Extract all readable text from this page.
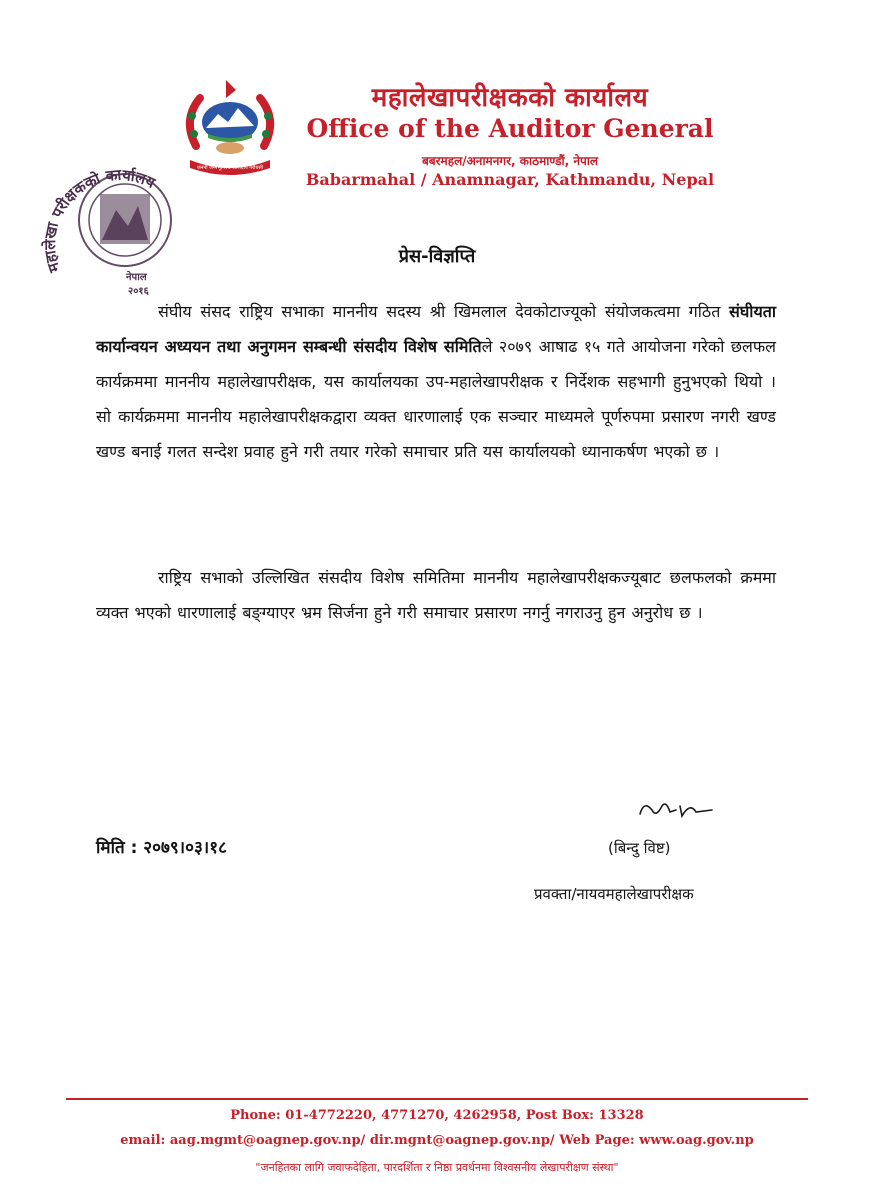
जननी जन्मभूमिश्च स्वर्गादपि गरीयसी
महालेखा परीक्षकको कार्यालय
नेपाल
२०१६
महालेखापरीक्षकको कार्यालय
Office of the Auditor General
बबरमहल/अनामनगर, काठमाण्डौं, नेपाल
Babarmahal / Anamnagar, Kathmandu, Nepal
प्रेस-विज्ञप्ति

संघीय संसद राष्ट्रिय सभाका माननीय सदस्य श्री खिमलाल देवकोटाज्यूको संयोजकत्वमा गठित संघीयता कार्यान्वयन अध्ययन तथा अनुगमन सम्बन्धी संसदीय विशेष समितिले २०७९ आषाढ १५ गते आयोजना गरेको छलफल कार्यक्रममा माननीय महालेखापरीक्षक, यस कार्यालयका उप-महालेखापरीक्षक र निर्देशक सहभागी हुनुभएको थियो । सो कार्यक्रममा माननीय महालेखापरीक्षकद्वारा व्यक्त धारणालाई एक सञ्चार माध्यमले पूर्णरुपमा प्रसारण नगरी खण्ड खण्ड बनाई गलत सन्देश प्रवाह हुने गरी तयार गरेको समाचार प्रति यस कार्यालयको ध्यानाकर्षण भएको छ ।

राष्ट्रिय सभाको उल्लिखित संसदीय विशेष समितिमा माननीय महालेखापरीक्षकज्यूबाट छलफलको क्रममा व्यक्त भएको धारणालाई बङ्ग्याएर भ्रम सिर्जना हुने गरी समाचार प्रसारण नगर्नु नगराउनु हुन अनुरोध छ ।

मिति : २०७९।०३।१८	(बिन्दु विष्ट)
प्रवक्ता/नायवमहालेखापरीक्षक
Phone: 01-4772220, 4771270, 4262958, Post Box: 13328
email: aag.mgmt@oagnep.gov.np/ dir.mgnt@oagnep.gov.np/ Web Page: www.oag.gov.np
"जनहितका लागि जवाफदेहिता, पारदर्शिता र निष्ठा प्रवर्धनमा विश्वसनीय लेखापरीक्षण संस्था"
